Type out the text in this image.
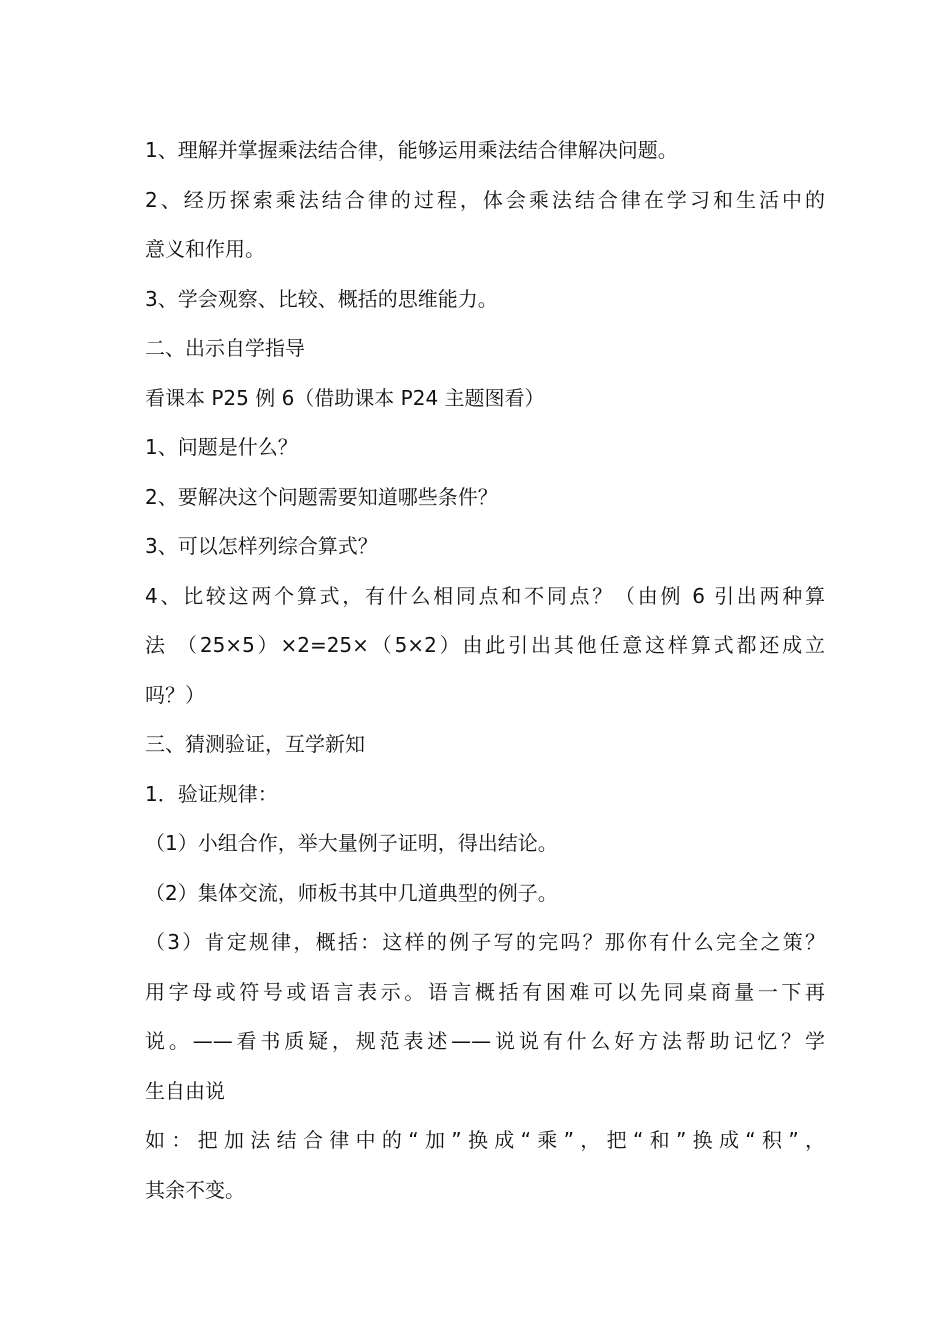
1、理解并掌握乘法结合律，能够运用乘法结合律解决问题。

2、经历探索乘法结合律的过程，体会乘法结合律在学习和生活中的

意义和作用。

3、学会观察、比较、概括的思维能力。

二、出示自学指导

看课本 P25 例 6（借助课本 P24 主题图看）

1、问题是什么？

2、要解决这个问题需要知道哪些条件？

3、可以怎样列综合算式？

4、比较这两个算式，有什么相同点和不同点？（由例 6 引出两种算

法 （25×5）×2=25×（5×2）由此引出其他任意这样算式都还成立

吗？）

三、猜测验证，互学新知

1．验证规律：

（1）小组合作，举大量例子证明，得出结论。

（2）集体交流，师板书其中几道典型的例子。

（3）肯定规律，概括：这样的例子写的完吗？那你有什么完全之策？

用字母或符号或语言表示。语言概括有困难可以先同桌商量一下再

说。——看书质疑，规范表述——说说有什么好方法帮助记忆？学

生自由说

如：把加法结合律中的“加”换成“乘”，把“和”换成“积”，

其余不变。
